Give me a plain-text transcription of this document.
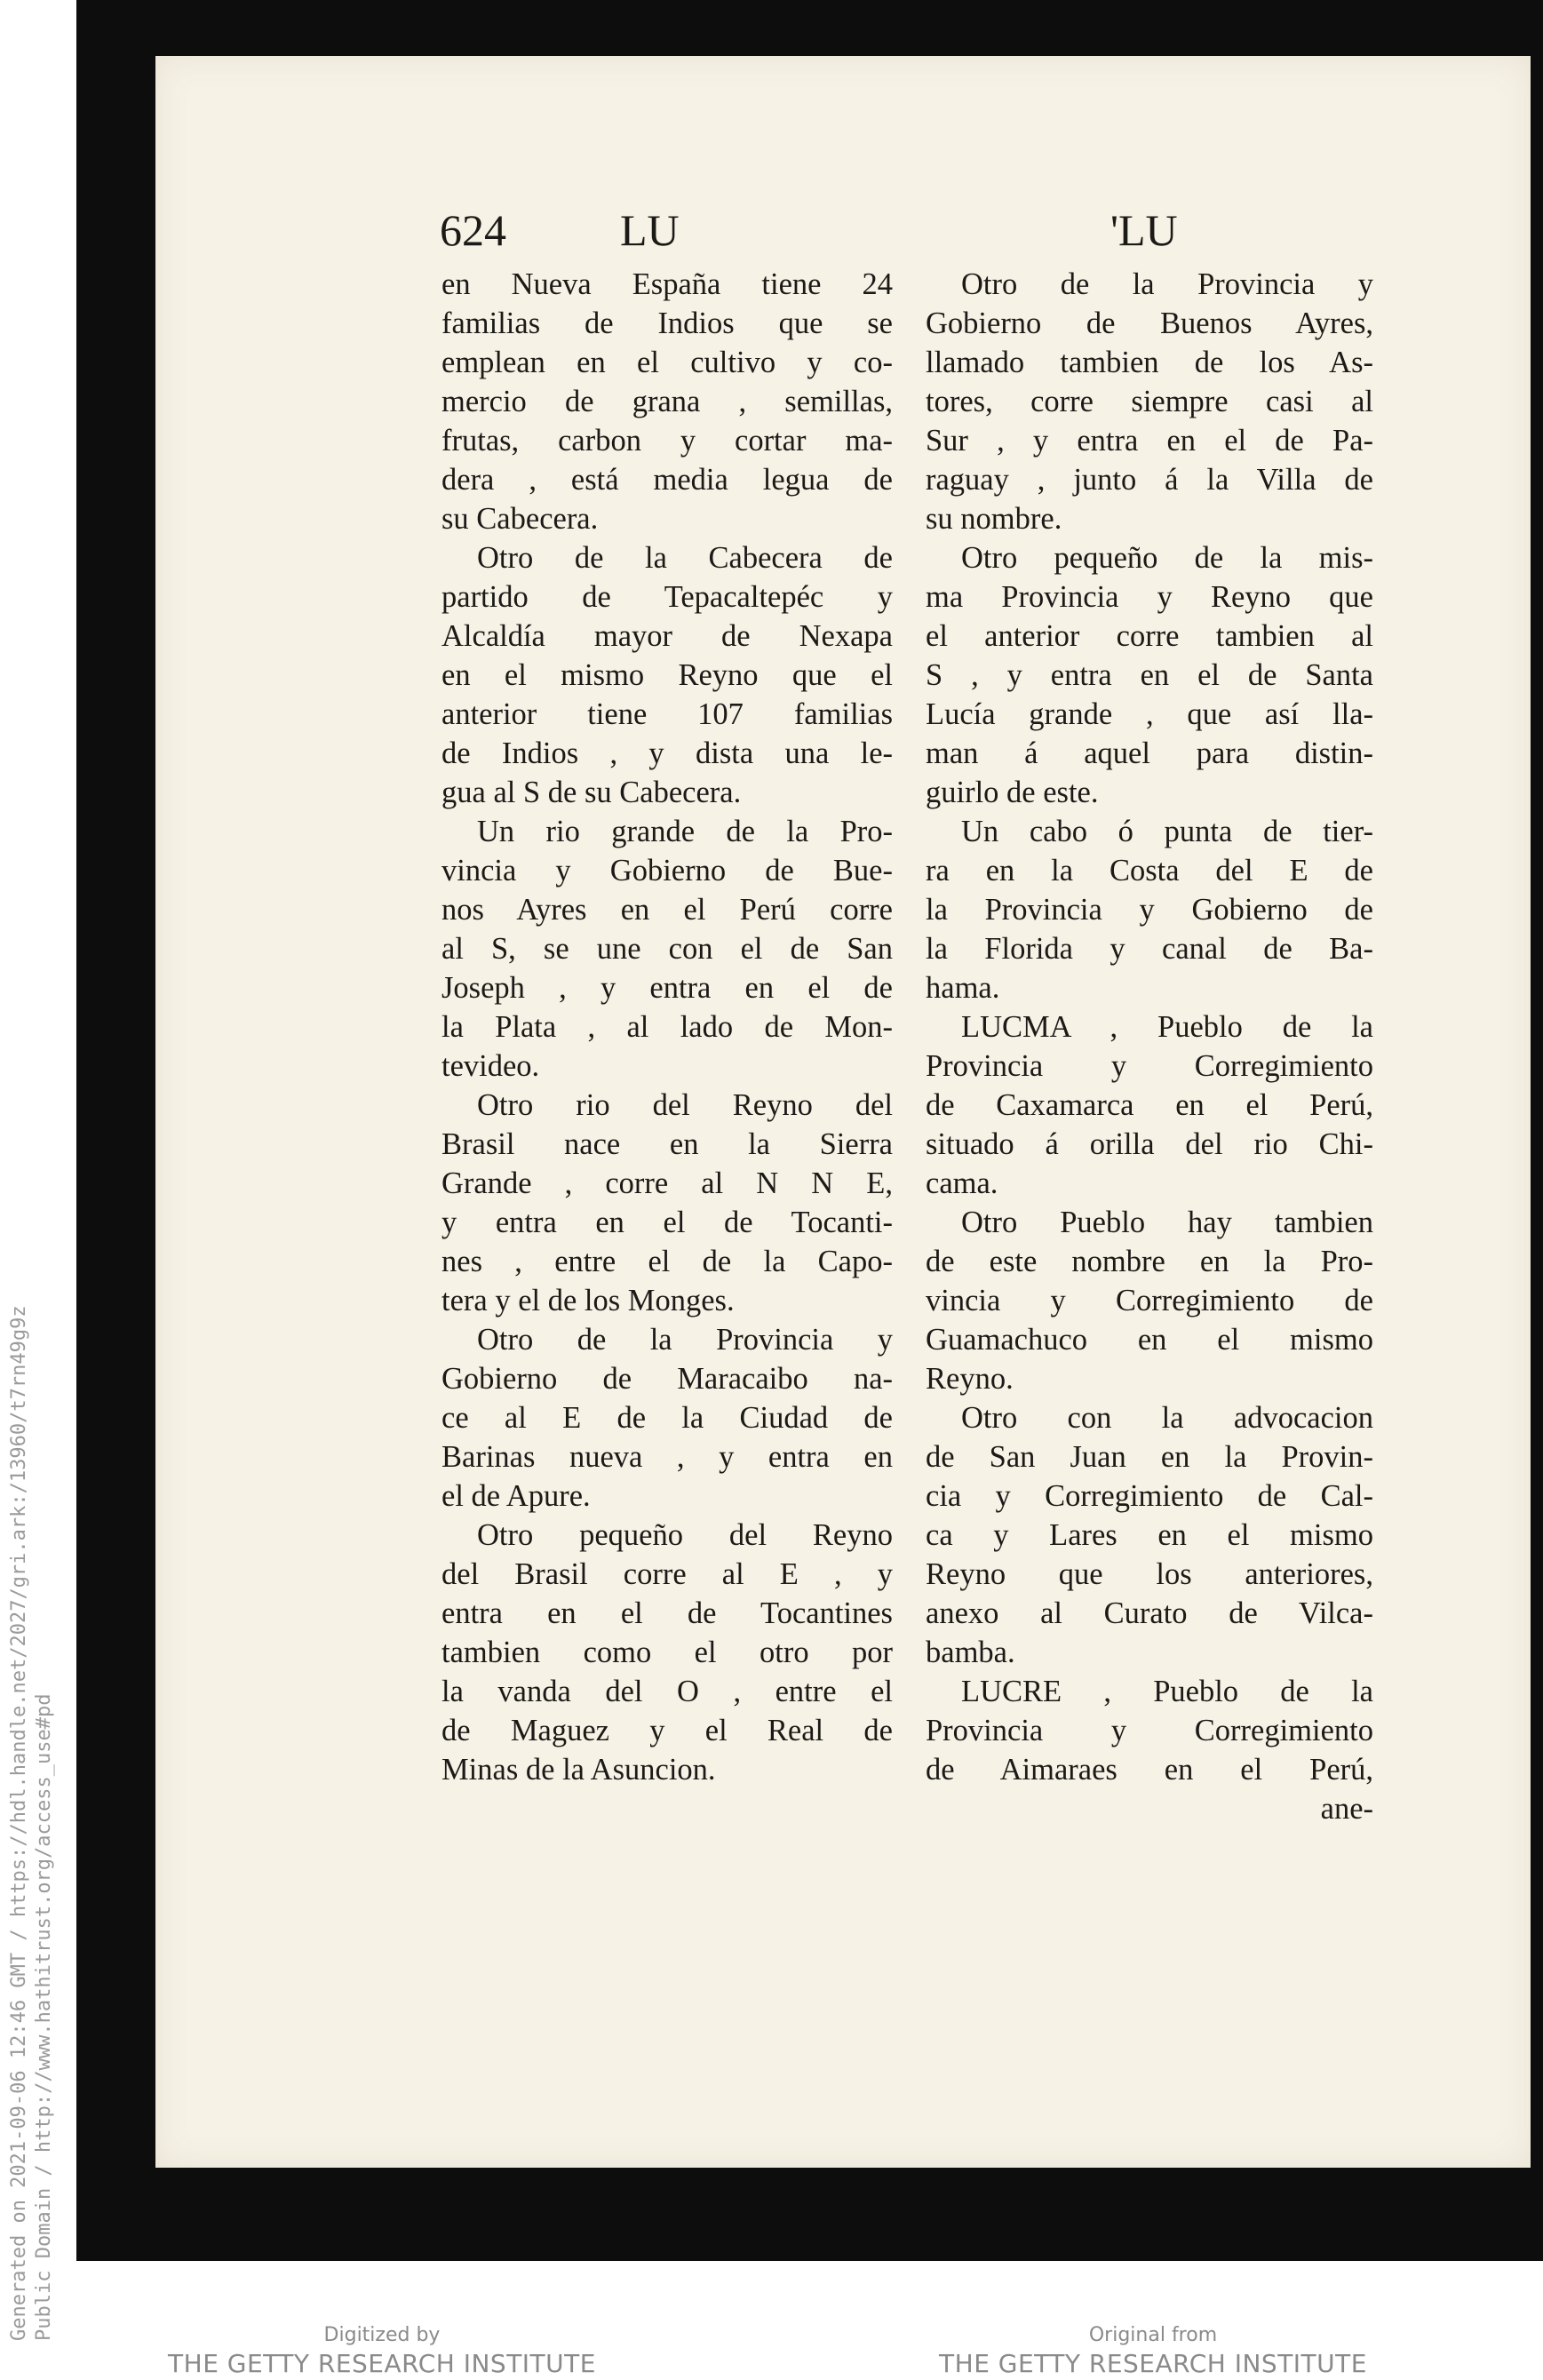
Generated on 2021-09-06 12:46 GMT / https://hdl.handle.net/2027/gri.ark:/13960/t7rn49g9z Public Domain / http://www.hathitrust.org/access_use#pd
624	LU	'LU
en Nueva España tiene 24
familias de Indios que se
emplean en el cultivo y co-
mercio de grana , semillas,
frutas, carbon y cortar ma-
dera , está media legua de
su Cabecera.
Otro de la Cabecera de
partido de Tepacaltepéc y
Alcaldía mayor de Nexapa
en el mismo Reyno que el
anterior tiene 107 familias
de Indios , y dista una le-
gua al S de su Cabecera.
Un rio grande de la Pro-
vincia y Gobierno de Bue-
nos Ayres en el Perú corre
al S, se une con el de San
Joseph , y entra en el de
la Plata , al lado de Mon-
tevideo.
Otro rio del Reyno del
Brasil nace en la Sierra
Grande , corre al N N E,
y entra en el de Tocanti-
nes , entre el de la Capo-
tera y el de los Monges.
Otro de la Provincia y
Gobierno de Maracaibo na-
ce al E de la Ciudad de
Barinas nueva , y entra en
el de Apure.
Otro pequeño del Reyno
del Brasil corre al E , y
entra en el de Tocantines
tambien como el otro por
la vanda del O , entre el
de Maguez y el Real de
Minas de la Asuncion.
Otro de la Provincia y
Gobierno de Buenos Ayres,
llamado tambien de los As-
tores, corre siempre casi al
Sur , y entra en el de Pa-
raguay , junto á la Villa de
su nombre.
Otro pequeño de la mis-
ma Provincia y Reyno que
el anterior corre tambien al
S , y entra en el de Santa
Lucía grande , que así lla-
man á aquel para distin-
guirlo de este.
Un cabo ó punta de tier-
ra en la Costa del E de
la Provincia y Gobierno de
la Florida y canal de Ba-
hama.
LUCMA , Pueblo de la
Provincia y Corregimiento
de Caxamarca en el Perú,
situado á orilla del rio Chi-
cama.
Otro Pueblo hay tambien
de este nombre en la Pro-
vincia y Corregimiento de
Guamachuco en el mismo
Reyno.
Otro con la advocacion
de San Juan en la Provin-
cia y Corregimiento de Cal-
ca y Lares en el mismo
Reyno que los anteriores,
anexo al Curato de Vilca-
bamba.
LUCRE , Pueblo de la
Provincia y Corregimiento
de Aimaraes en el Perú,
ane-
Digitized by
THE GETTY RESEARCH INSTITUTE
Original from
THE GETTY RESEARCH INSTITUTE
